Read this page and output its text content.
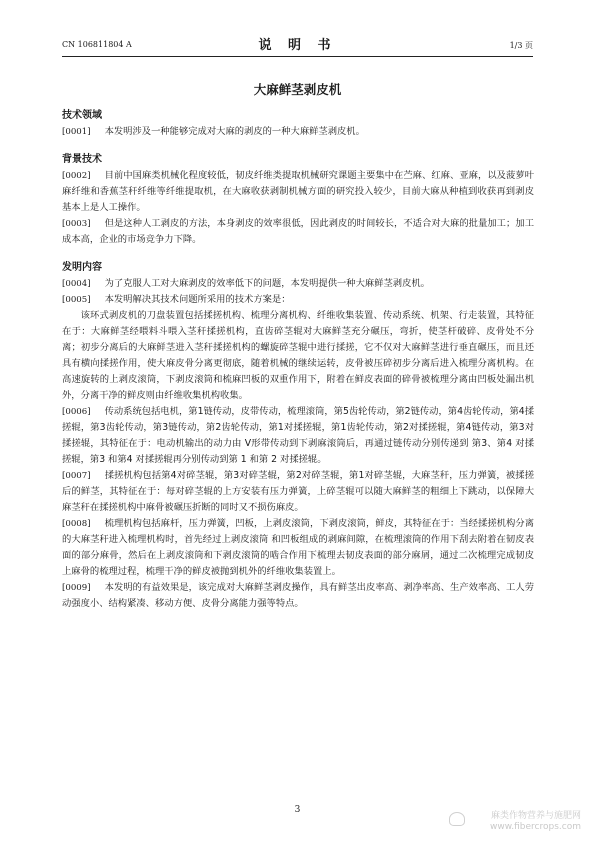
CN 106811804 A	说 明 书	1/3 页
大麻鲜茎剥皮机
技术领域
[0001] 本发明涉及一种能够完成对大麻的剥皮的一种大麻鲜茎剥皮机。
背景技术
[0002] 目前中国麻类机械化程度较低，韧皮纤维类提取机械研究课题主要集中在苎麻、红麻、亚麻，以及菠萝叶麻纤维和香蕉茎秆纤维等纤维提取机，在大麻收获剥制机械方面的研究投入较少，目前大麻从种植到收获再到剥皮基本上是人工操作。
[0003] 但是这种人工剥皮的方法，本身剥皮的效率很低，因此剥皮的时间较长，不适合对大麻的批量加工；加工成本高，企业的市场竞争力下降。
发明内容
[0004] 为了克服人工对大麻剥皮的效率低下的问题，本发明提供一种大麻鲜茎剥皮机。
[0005] 本发明解决其技术问题所采用的技术方案是：
该环式剥皮机的刀盘装置包括揉搓机构、梳理分离机构、纤维收集装置、传动系统、机架、行走装置，其特征在于：大麻鲜茎经喂料斗喂入茎秆揉搓机构，直齿碎茎辊对大麻鲜茎充分碾压，弯折，使茎杆破碎、皮骨处不分离；初步分离后的大麻鲜茎进入茎秆揉搓机构的螺旋碎茎辊中进行揉搓，它不仅对大麻鲜茎进行垂直碾压，而且还具有横向揉搓作用，使大麻皮骨分离更彻底，随着机械的继续运转，皮骨被压碎初步分离后进入梳理分离机构。在高速旋转的上剥皮滚筒，下剥皮滚筒和梳麻凹板的双重作用下，附着在鲜皮表面的碎骨被梳理分离由凹板处漏出机外，分离干净的鲜皮则由纤维收集机构收集。
[0006] 传动系统包括电机，第1链传动，皮带传动，梳理滚筒，第5齿轮传动，第2链传动，第4齿轮传动，第4揉搓辊，第3齿轮传动，第3链传动，第2齿轮传动，第1对揉搓辊，第1齿轮传动，第2对揉搓辊，第4链传动，第3对揉搓辊，其特征在于：电动机输出的动力由 V形带传动到下剥麻滚筒后，再通过链传动分别传递到 第3、第4 对揉搓辊，第3 和第4 对揉搓辊再分别传动到第 1 和第 2 对揉搓辊。
[0007] 揉搓机构包括第4对碎茎辊，第3对碎茎辊，第2对碎茎辊，第1对碎茎辊，大麻茎秆，压力弹簧，被揉搓后的鲜茎，其特征在于：每对碎茎辊的上方安装有压力弹簧，上碎茎辊可以随大麻鲜茎的粗细上下跳动，以保障大麻茎秆在揉搓机构中麻骨被碾压折断的同时又不损伤麻皮。
[0008] 梳理机构包括麻杆，压力弹簧，凹板，上剥皮滚筒，下剥皮滚筒，鲜皮，其特征在于：当经揉搓机构分离的大麻茎秆进入梳理机构时，首先经过上剥皮滚筒 和凹板组成的剥麻间隙，在梳理滚筒的作用下刮去附着在韧皮表面的部分麻骨，然后在上剥皮滚筒和下剥皮滚筒的啮合作用下梳理去韧皮表面的部分麻屑，通过二次梳理完成韧皮上麻骨的梳理过程，梳理干净的鲜皮被抛到机外的纤维收集装置上。
[0009] 本发明的有益效果是，该完成对大麻鲜茎剥皮操作，具有鲜茎出皮率高、剥净率高、生产效率高、工人劳动强度小、结构紧凑、移动方便、皮骨分离能力强等特点。
3
麻类作物营养与施肥网
www.fibercrops.com
